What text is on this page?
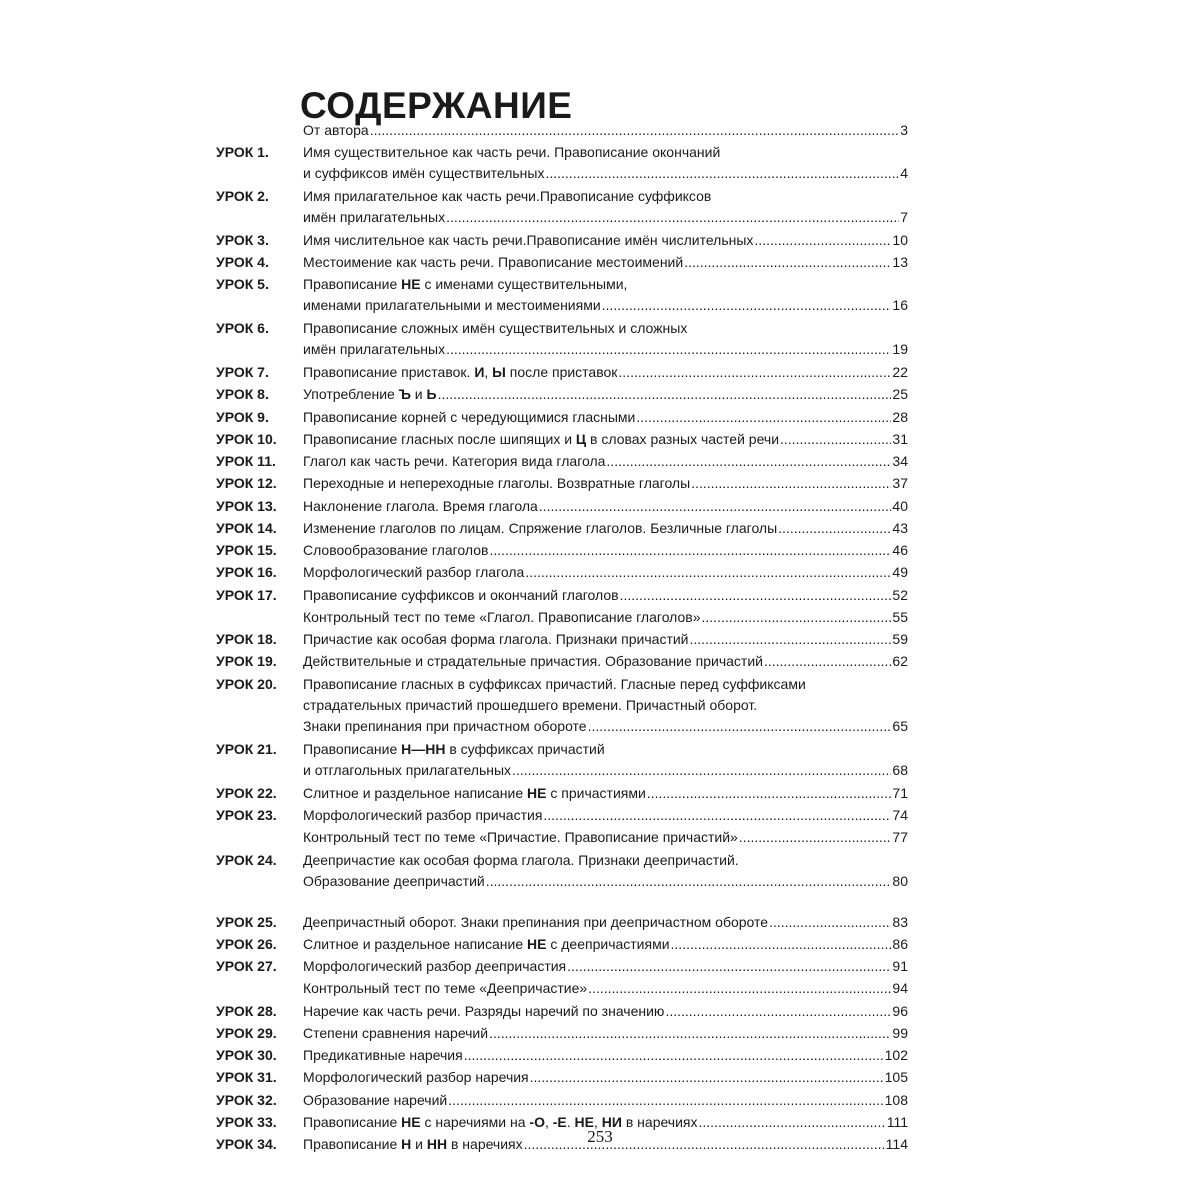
СОДЕРЖАНИЕ
От автора .....	3
УРОК 1. Имя существительное как часть речи. Правописание окончаний
и суффиксов имён существительных .....	4
УРОК 2. Имя прилагательное как часть речи.Правописание суффиксов
имён прилагательных .....	7
УРОК 3. Имя числительное как часть речи.Правописание имён числительных .....	10
УРОК 4. Местоимение как часть речи. Правописание местоимений .....	13
УРОК 5. Правописание НЕ с именами существительными,
именами прилагательными и местоимениями .....	16
УРОК 6. Правописание сложных имён существительных и сложных
имён прилагательных .....	19
УРОК 7. Правописание приставок. И, Ы после приставок .....	22
УРОК 8. Употребление Ъ и Ь .....	25
УРОК 9. Правописание корней с чередующимися гласными .....	28
УРОК 10. Правописание гласных после шипящих и Ц в словах разных частей речи .....	31
УРОК 11. Глагол как часть речи. Категория вида глагола .....	34
УРОК 12. Переходные и непереходные глаголы. Возвратные глаголы .....	37
УРОК 13. Наклонение глагола. Время глагола .....	40
УРОК 14. Изменение глаголов по лицам. Спряжение глаголов. Безличные глаголы .....	43
УРОК 15. Словообразование глаголов .....	46
УРОК 16. Морфологический разбор глагола .....	49
УРОК 17. Правописание суффиксов и окончаний глаголов .....	52
Контрольный тест по теме «Глагол. Правописание глаголов» .....	55
УРОК 18. Причастие как особая форма глагола. Признаки причастий .....	59
УРОК 19. Действительные и страдательные причастия. Образование причастий .....	62
УРОК 20. Правописание гласных в суффиксах причастий. Гласные перед суффиксами
страдательных причастий прошедшего времени. Причастный оборот.
Знаки препинания при причастном обороте .....	65
УРОК 21. Правописание Н—НН в суффиксах причастий
и отглагольных прилагательных .....	68
УРОК 22. Слитное и раздельное написание НЕ с причастиями .....	71
УРОК 23. Морфологический разбор причастия .....	74
Контрольный тест по теме «Причастие. Правописание причастий» .....	77
УРОК 24. Деепричастие как особая форма глагола. Признаки деепричастий.
Образование деепричастий .....	80
УРОК 25. Деепричастный оборот. Знаки препинания при деепричастном обороте .....	83
УРОК 26. Слитное и раздельное написание НЕ с деепричастиями .....	86
УРОК 27. Морфологический разбор деепричастия .....	91
Контрольный тест по теме «Деепричастие» .....	94
УРОК 28. Наречие как часть речи. Разряды наречий по значению .....	96
УРОК 29. Степени сравнения наречий .....	99
УРОК 30. Предикативные наречия .....	102
УРОК 31. Морфологический разбор наречия .....	105
УРОК 32. Образование наречий .....	108
УРОК 33. Правописание НЕ с наречиями на -О, -Е. НЕ, НИ в наречиях .....	111
УРОК 34. Правописание Н и НН в наречиях .....	114
253
